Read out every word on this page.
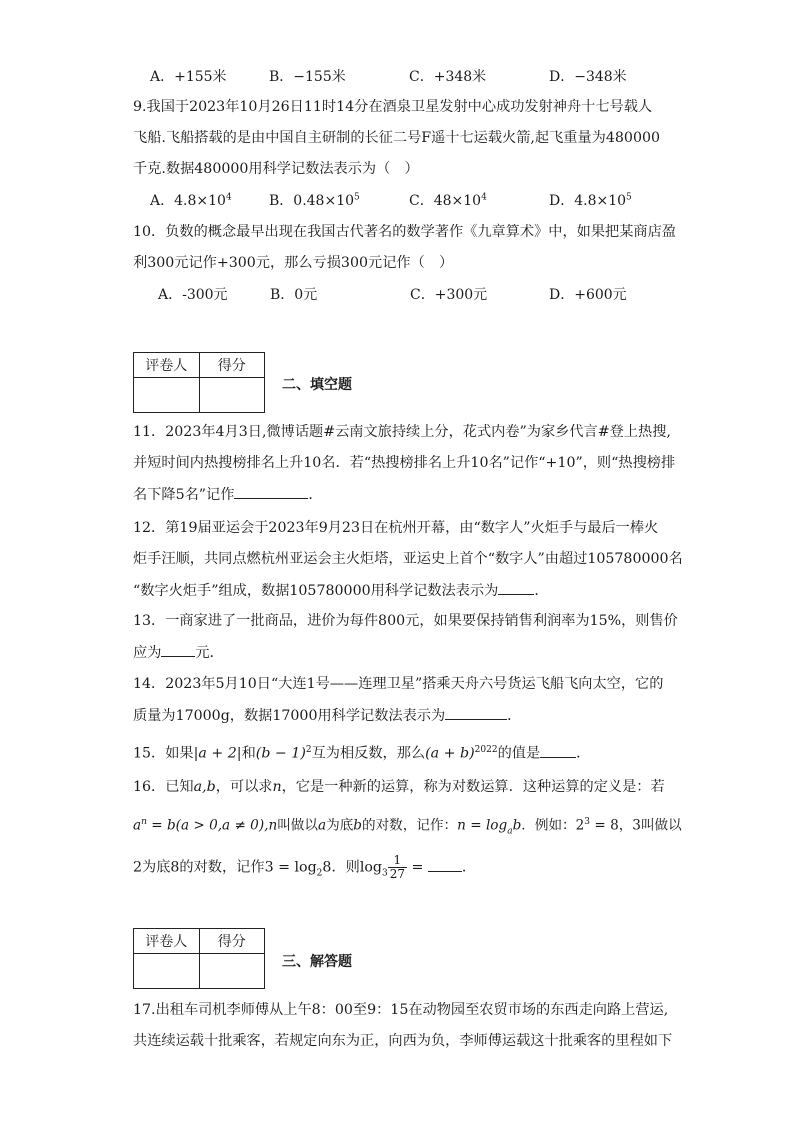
A．+155米	B．−155米	C．+348米	D．−348米
9.我国于2023年10月26日11时14分在酒泉卫星发射中心成功发射神舟十七号载人
飞船.飞船搭载的是由中国自主研制的长征二号F遥十七运载火箭,起飞重量为480000
千克.数据480000用科学记数法表示为（　）
A．$4.8\times 10^4$	B．$0.48\times 10^5$	C．$48\times 10^4$	D．$4.8\times 10^5$
10．负数的概念最早出现在我国古代著名的数学著作《九章算术》中，如果把某商店盈
利300元记作+300元，那么亏损300元记作（　）
A．-300元	B．0元	C．+300元	D．+600元
评卷人	得分

二、填空题
11．2023年4月3日,微博话题#云南文旅持续上分，花式内卷”为家乡代言#登上热搜,
并短时间内热搜榜排名上升10名．若“热搜榜排名上升10名”记作“+10”，则“热搜榜排
名下降5名”记作	．
12．第19届亚运会于2023年9月23日在杭州开幕，由“数字人”火炬手与最后一棒火
炬手汪顺，共同点燃杭州亚运会主火炬塔，亚运史上首个“数字人”由超过105780000名
“数字火炬手”组成，数据105780000用科学记数法表示为	．
13．一商家进了一批商品，进价为每件800元，如果要保持销售利润率为15%，则售价
应为 元．
14．2023年5月10日“大连1号——连理卫星”搭乘天舟六号货运飞船飞向太空，它的
质量为17000g，数据17000用科学记数法表示为	．
15．如果|a + 2|和$(b - 1)^2$互为相反数，那么$(a + b)^{2022}$的值是	．
16．已知a,b，可以求n，它是一种新的运算，称为对数运算．这种运算的定义是：若
$a^n = b(a > 0,a \ne 0),n$叫做以a为底b的对数，记作：$n = \log_ab$．例如：$2^3 = 8$，3叫做以
2为底8的对数，记作$3 = \log_28$．则$\log_3 \frac{1}{27}$ = ．
评卷人	得分

三、解答题
17.出租车司机李师傅从上午8：00至9：15在动物园至农贸市场的东西走向路上营运,
共连续运载十批乘客，若规定向东为正，向西为负，李师傅运载这十批乘客的里程如下
